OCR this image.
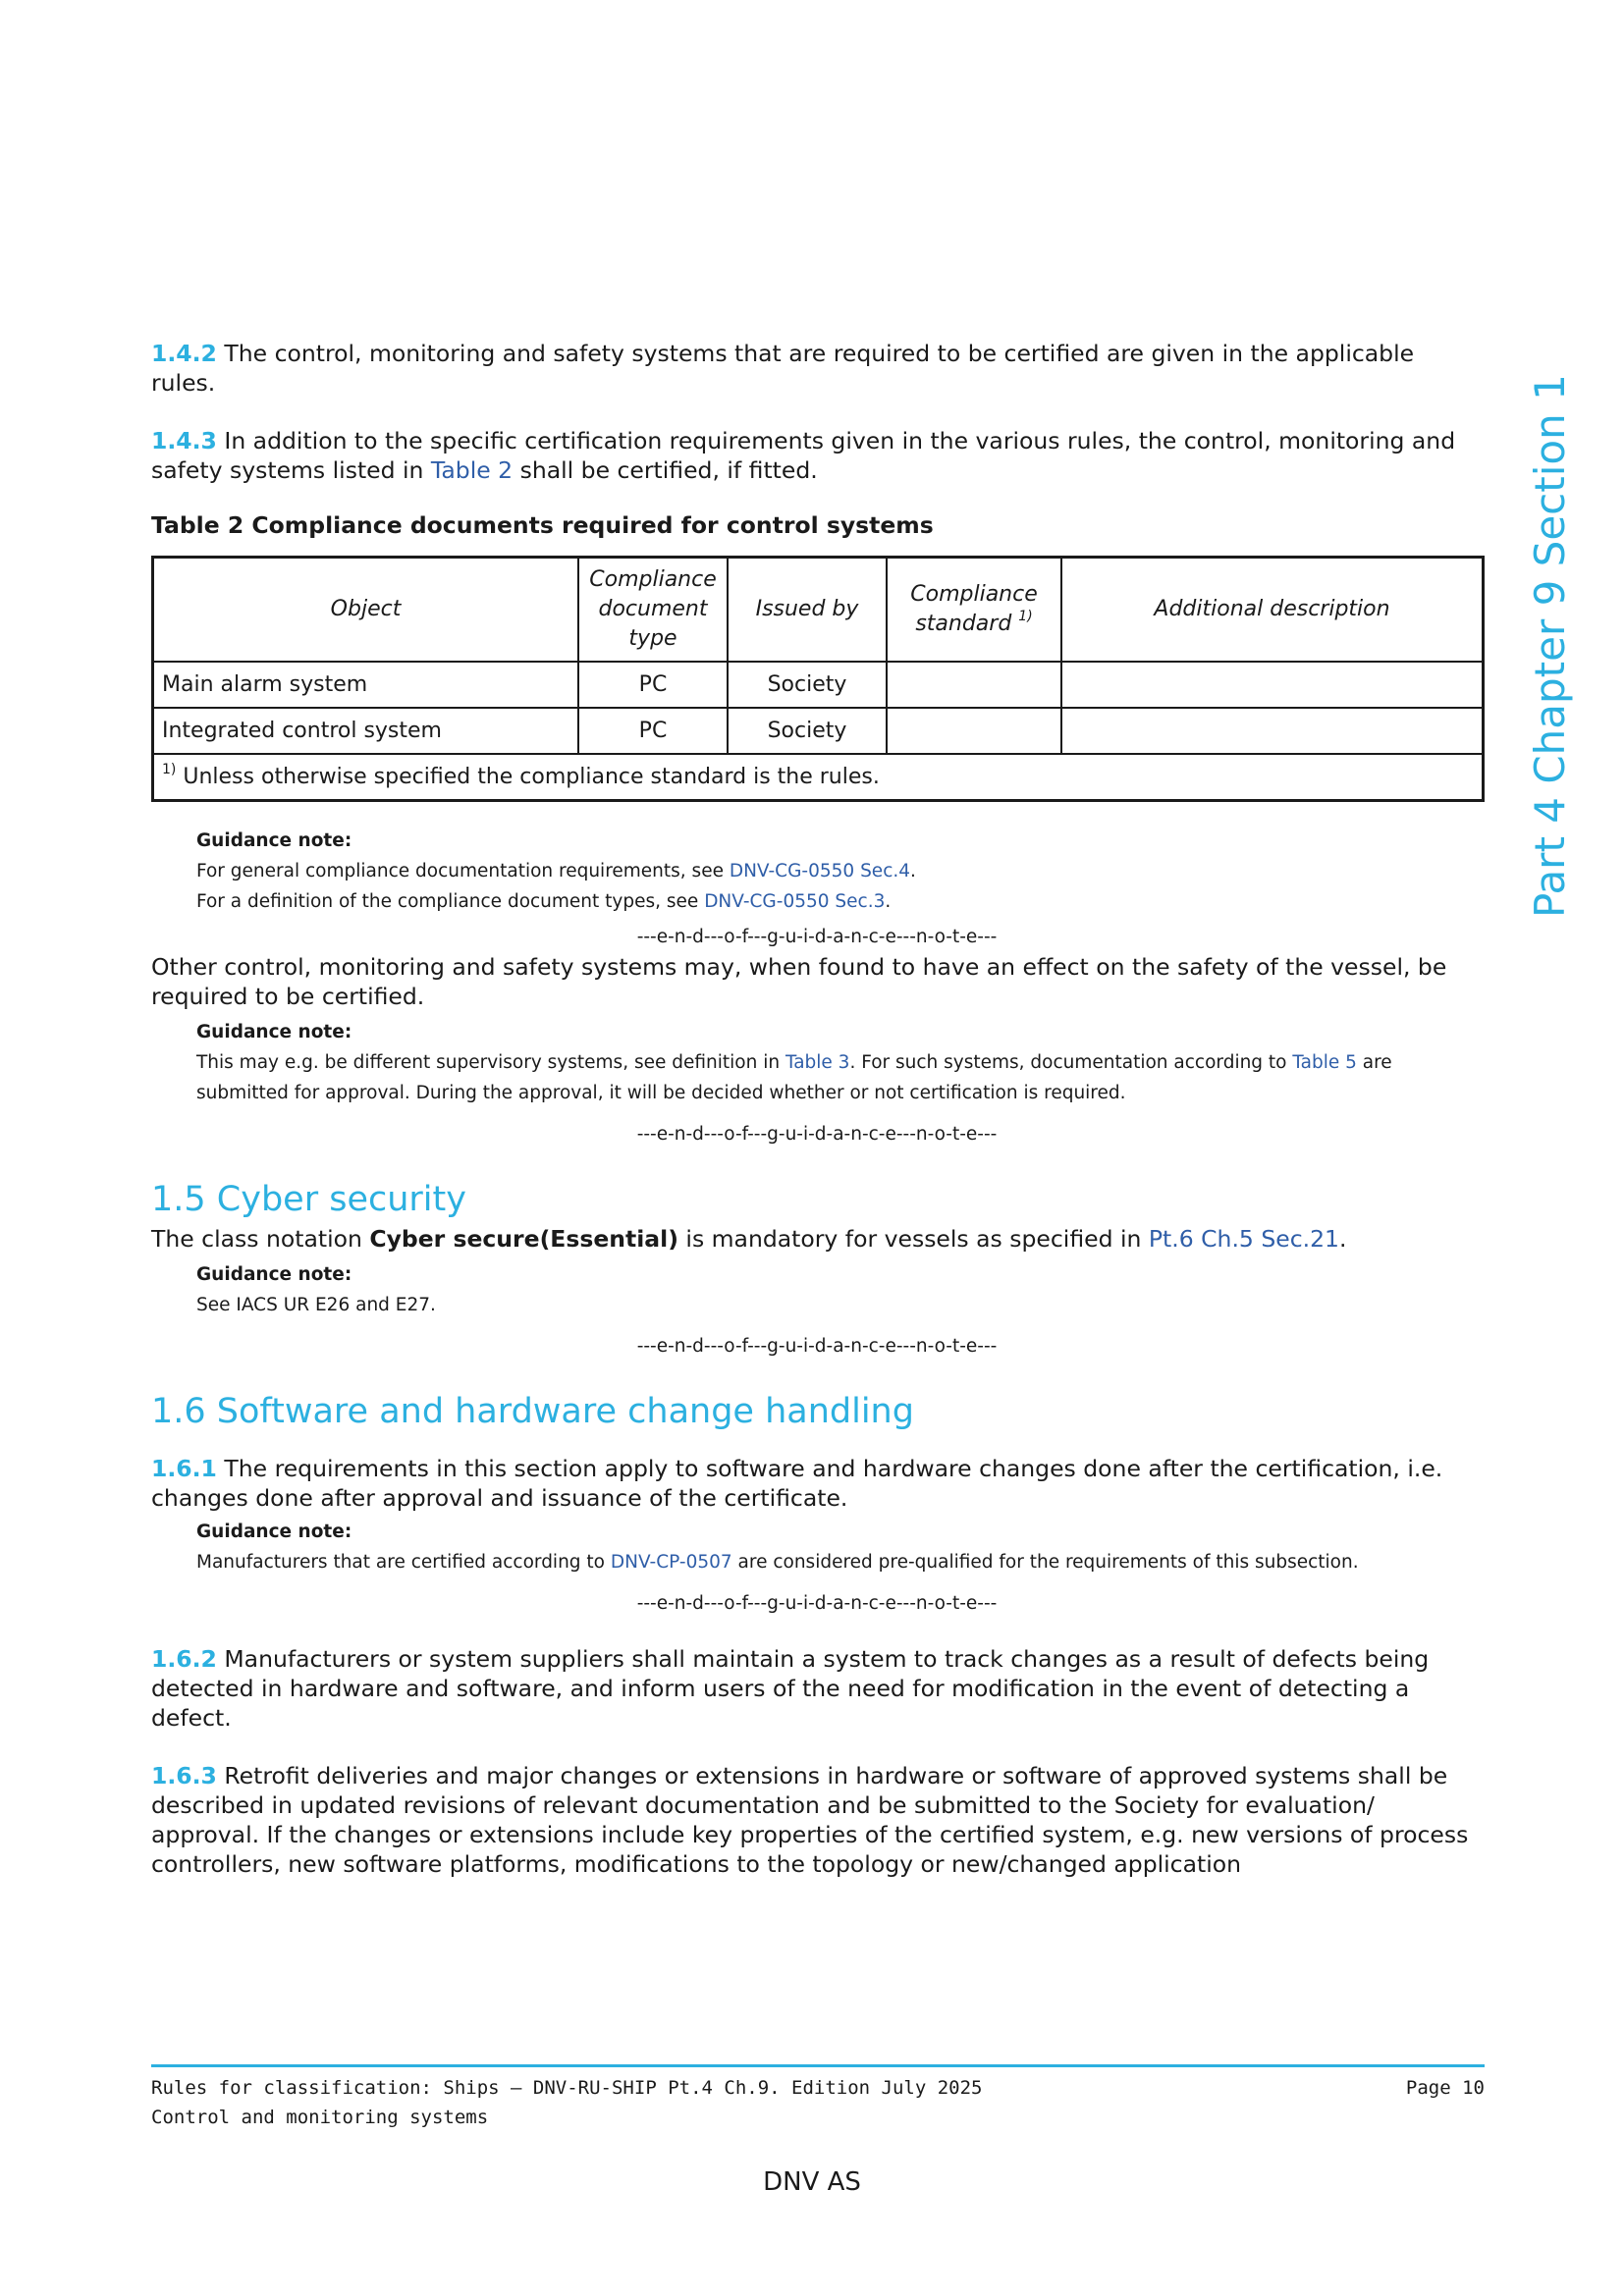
Part 4 Chapter 9 Section 1

1.4.2 The control, monitoring and safety systems that are required to be certified are given in the applicable rules.

1.4.3 In addition to the specific certification requirements given in the various rules, the control, monitoring and safety systems listed in Table 2 shall be certified, if fitted.

Table 2 Compliance documents required for control systems
Object	Compliance document type	Issued by	Compliance standard $^{1)}$	Additional description
Main alarm system	PC	Society		
Integrated control system	PC	Society		
$^{1)}$ Unless otherwise specified the compliance standard is the rules.				
Guidance note:
For general compliance documentation requirements, see DNV-CG-0550 Sec.4.
For a definition of the compliance document types, see DNV-CG-0550 Sec.3.
---e-n-d---o-f---g-u-i-d-a-n-c-e---n-o-t-e---

Other control, monitoring and safety systems may, when found to have an effect on the safety of the vessel, be required to be certified.

Guidance note:
This may e.g. be different supervisory systems, see definition in Table 3. For such systems, documentation according to Table 5 are submitted for approval. During the approval, it will be decided whether or not certification is required.
---e-n-d---o-f---g-u-i-d-a-n-c-e---n-o-t-e---
1.5 Cyber security

The class notation Cyber secure(Essential) is mandatory for vessels as specified in Pt.6 Ch.5 Sec.21.

Guidance note:
See IACS UR E26 and E27.
---e-n-d---o-f---g-u-i-d-a-n-c-e---n-o-t-e---
1.6 Software and hardware change handling

1.6.1 The requirements in this section apply to software and hardware changes done after the certification, i.e. changes done after approval and issuance of the certificate.

Guidance note:
Manufacturers that are certified according to DNV-CP-0507 are considered pre-qualified for the requirements of this subsection.
---e-n-d---o-f---g-u-i-d-a-n-c-e---n-o-t-e---

1.6.2 Manufacturers or system suppliers shall maintain a system to track changes as a result of defects being detected in hardware and software, and inform users of the need for modification in the event of detecting a defect.

1.6.3 Retrofit deliveries and major changes or extensions in hardware or software of approved systems shall be described in updated revisions of relevant documentation and be submitted to the Society for evaluation/ approval. If the changes or extensions include key properties of the certified system, e.g. new versions of process controllers, new software platforms, modifications to the topology or new/changed application

Rules for classification: Ships — DNV-RU-SHIP Pt.4 Ch.9. Edition July 2025
Control and monitoring systems
Page 10
DNV AS
